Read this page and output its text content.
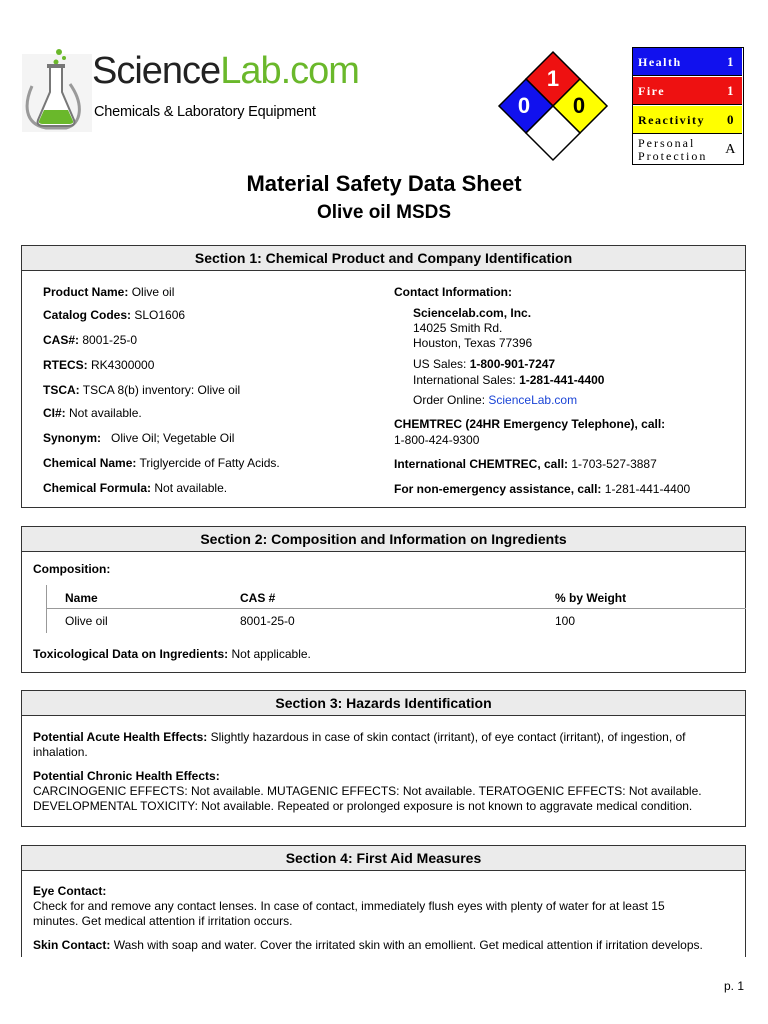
ScienceLab.com
Chemicals & Laboratory Equipment
1
0 0
Health	1
Fire	1
Reactivity	0
Personal
Protection	A
Material Safety Data Sheet
Olive oil MSDS
Section 1: Chemical Product and Company Identification
Product Name: Olive oil
Catalog Codes: SLO1606
CAS#: 8001-25-0
RTECS: RK4300000
TSCA: TSCA 8(b) inventory: Olive oil
CI#: Not available.
Synonym: Olive Oil; Vegetable Oil
Chemical Name: Triglyercide of Fatty Acids.
Chemical Formula: Not available.
Contact Information:
Sciencelab.com, Inc.
14025 Smith Rd.
Houston, Texas 77396
US Sales: 1-800-901-7247
International Sales: 1-281-441-4400
Order Online: ScienceLab.com
CHEMTREC (24HR Emergency Telephone), call:
1-800-424-9300
International CHEMTREC, call: 1-703-527-3887
For non-emergency assistance, call: 1-281-441-4400
Section 2: Composition and Information on Ingredients
Composition:
Name	CAS #	% by Weight
Olive oil	8001-25-0	100
Toxicological Data on Ingredients: Not applicable.
Section 3: Hazards Identification
Potential Acute Health Effects: Slightly hazardous in case of skin contact (irritant), of eye contact (irritant), of ingestion, of
inhalation.
Potential Chronic Health Effects:
CARCINOGENIC EFFECTS: Not available. MUTAGENIC EFFECTS: Not available. TERATOGENIC EFFECTS: Not available.
DEVELOPMENTAL TOXICITY: Not available. Repeated or prolonged exposure is not known to aggravate medical condition.
Section 4: First Aid Measures
Eye Contact:
Check for and remove any contact lenses. In case of contact, immediately flush eyes with plenty of water for at least 15
minutes. Get medical attention if irritation occurs.
Skin Contact: Wash with soap and water. Cover the irritated skin with an emollient. Get medical attention if irritation develops.
p. 1
